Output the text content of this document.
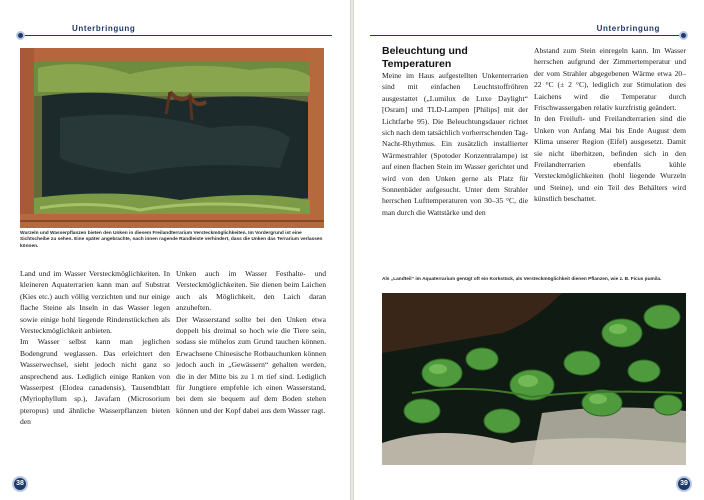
Unterbringung
Wurzeln und Wasserpflanzen bieten den Unken in diesem Freilandterrarium Versteckmöglichkeiten. Im Vordergrund ist eine Sichtscheibe zu sehen. Eine später angebrachte, nach innen ragende Randleiste verhindert, dass die Unken das Terrarium verlassen können.

Land und im Wasser Versteckmöglichkeiten. In kleineren Aquaterrarien kann man auf Substrat (Kies etc.) auch völlig verzichten und nur einige flache Steine als Inseln in das Wasser legen sowie einige hohl liegende Rindenstückchen als Versteckmöglichkeit anbieten.

Im Wasser selbst kann man jeglichen Bodengrund weglassen. Das erleichtert den Wasserwechsel, sieht jedoch nicht ganz so ansprechend aus. Lediglich einige Ranken von Wasserpest (Elodea canadensis), Tausendblatt (Myriophyllum sp.), Javafarn (Microsorium pteropus) und ähnliche Wasserpflanzen bieten den

Unken auch im Wasser Festhalte- und Versteckmöglichkeiten. Sie dienen beim Laichen auch als Möglichkeit, den Laich daran anzuheften.

Der Wasserstand sollte bei den Unken etwa doppelt bis dreimal so hoch wie die Tiere sein, sodass sie mühelos zum Grund tauchen können. Erwachsene Chinesische Rotbauchunken können jedoch auch in „Gewässern“ gehalten werden, die in der Mitte bis zu 1 m tief sind. Lediglich für Jungtiere empfehle ich einen Wasserstand, bei dem sie bequem auf dem Boden stehen können und der Kopf dabei aus dem Wasser ragt.

38
Unterbringung
Beleuchtung und Temperaturen

Meine im Haus aufgestellten Unkenterrarien sind mit einfachen Leuchtstoffröhren ausgestattet („Lumilux de Luxe Daylight“ [Osram] und TLD-Lampen [Philips] mit der Lichtfarbe 95). Die Beleuchtungsdauer richtet sich nach dem tatsächlich vorherrschenden Tag-Nacht-Rhythmus. Ein zusätzlich installierter Wärmestrahler (Spotoder Konzentralampe) ist auf einen flachen Stein im Wasser gerichtet und wird von den Unken gerne als Platz für Sonnenbäder aufgesucht. Unter dem Strahler herrschen Lufttemperaturen von 30–35 °C, die man durch die Wattstärke und den

Abstand zum Stein einregeln kann. Im Wasser herrschen aufgrund der Zimmertemperatur und der vom Strahler abgegebenen Wärme etwa 20–22 °C (± 2 °C), lediglich zur Stimulation des Laichens wird die Temperatur durch Frischwassergaben relativ kurzfristig geändert.

In den Freiluft- und Freilandterrarien sind die Unken von Anfang Mai bis Ende August dem Klima unserer Region (Eifel) ausgesetzt. Damit sie nicht überhitzen, befinden sich in den Freilandterrarien ebenfalls kühle Versteckmöglichkeiten (hohl liegende Wurzeln und Steine), und ein Teil des Behälters wird künstlich beschattet.

Als „Landteil“ im Aquaterrarium genügt oft ein Korkstück, als Versteckmöglichkeit dienen Pflanzen, wie z. B. Ficus pumila.
39
